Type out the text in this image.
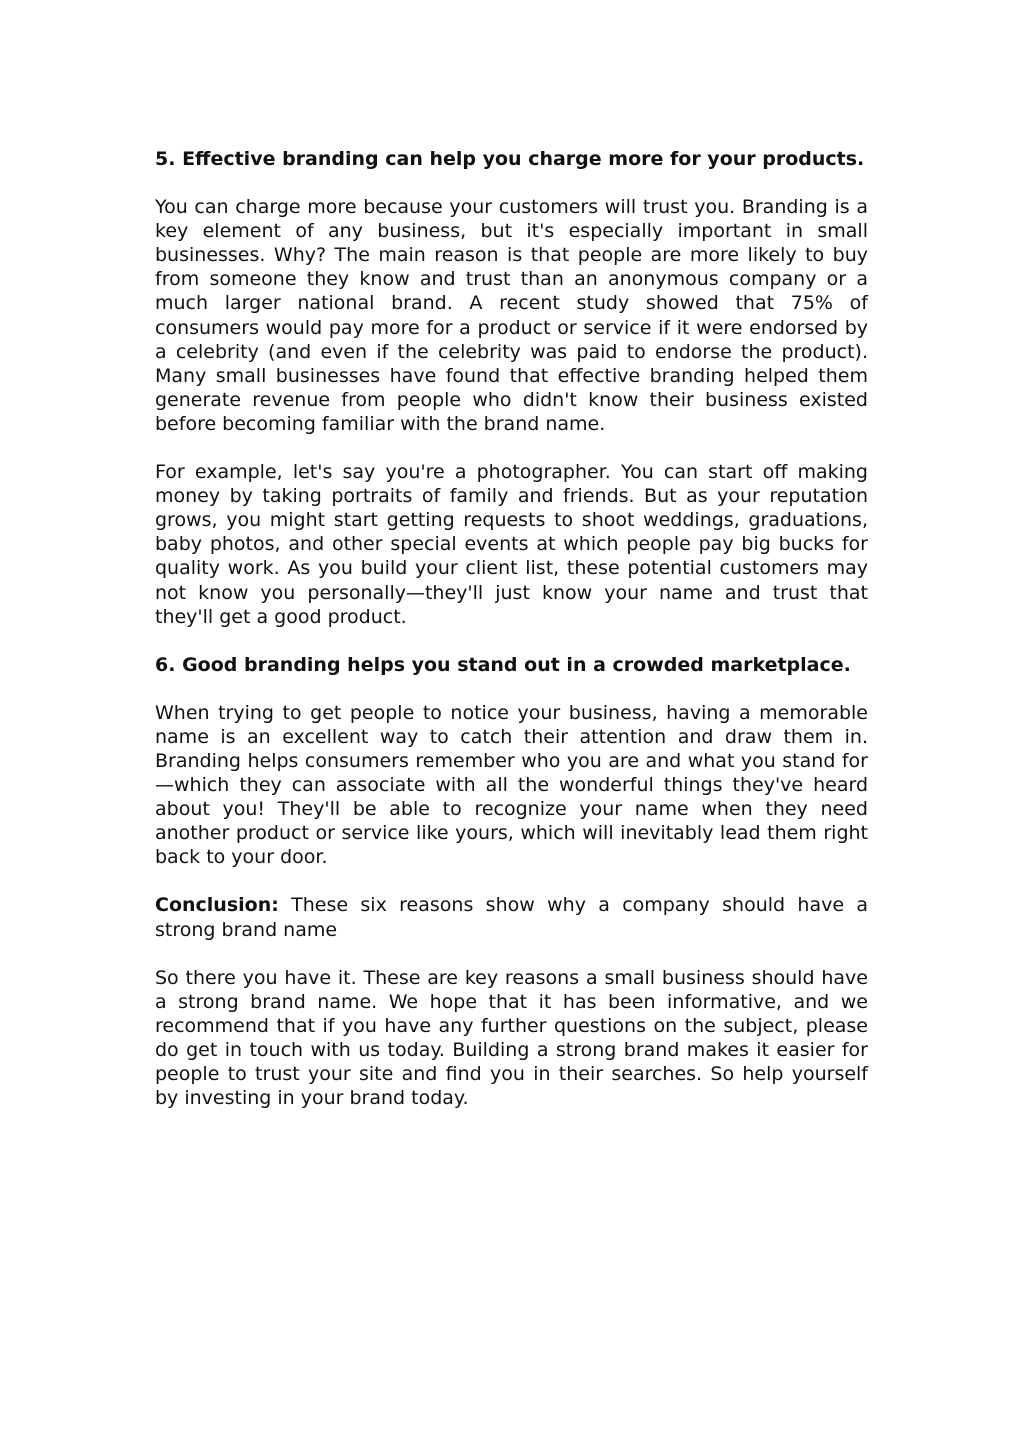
5. Effective branding can help you charge more for your products.

You can charge more because your customers will trust you. Branding is a key element of any business, but it's especially important in small businesses. Why? The main reason is that people are more likely to buy from someone they know and trust than an anonymous company or a much larger national brand. A recent study showed that 75% of consumers would pay more for a product or service if it were endorsed by a celebrity (and even if the celebrity was paid to endorse the product). Many small businesses have found that effective branding helped them generate revenue from people who didn't know their business existed before becoming familiar with the brand name.

For example, let's say you're a photographer. You can start off making money by taking portraits of family and friends. But as your reputation grows, you might start getting requests to shoot weddings, graduations, baby photos, and other special events at which people pay big bucks for quality work. As you build your client list, these potential customers may not know you personally—they'll just know your name and trust that they'll get a good product.

6. Good branding helps you stand out in a crowded marketplace.

When trying to get people to notice your business, having a memorable name is an excellent way to catch their attention and draw them in. Branding helps consumers remember who you are and what you stand for—which they can associate with all the wonderful things they've heard about you! They'll be able to recognize your name when they need another product or service like yours, which will inevitably lead them right back to your door.

Conclusion: These six reasons show why a company should have a strong brand name

So there you have it. These are key reasons a small business should have a strong brand name. We hope that it has been informative, and we recommend that if you have any further questions on the subject, please do get in touch with us today. Building a strong brand makes it easier for people to trust your site and find you in their searches. So help yourself by investing in your brand today.
